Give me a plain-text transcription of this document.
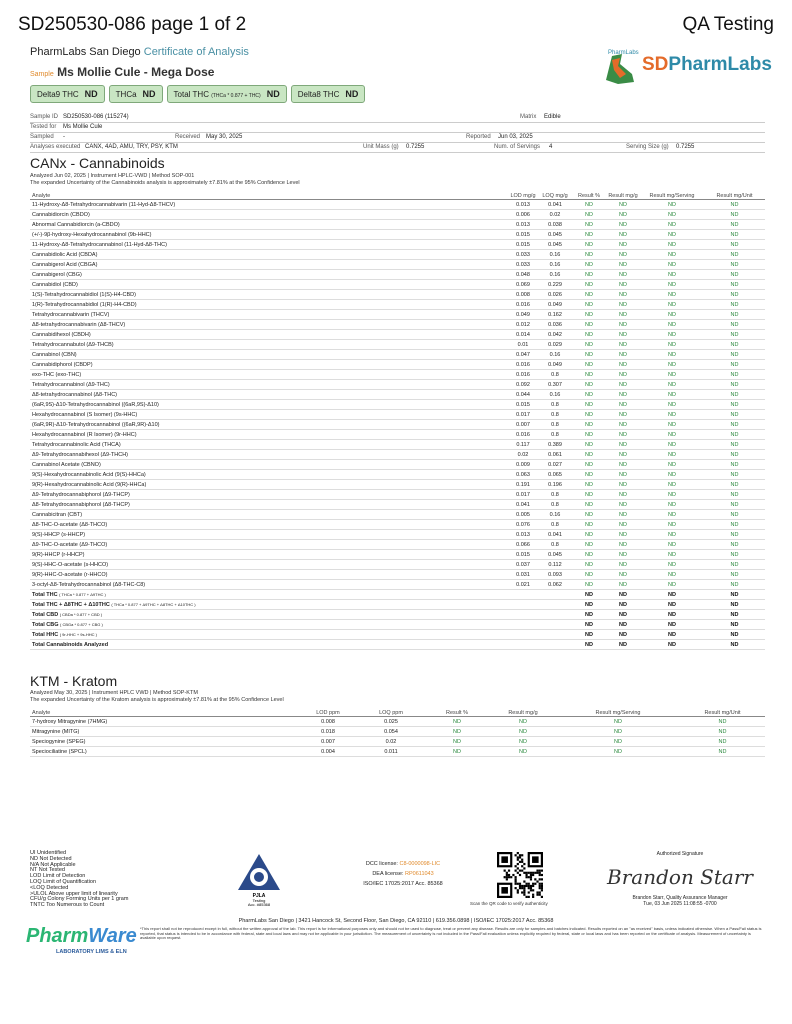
SD250530-086 page 1 of 2	QA Testing
PharmLabs San Diego Certificate of Analysis
Sample Ms Mollie Cule - Mega Dose
Delta9 THC ND	THCa ND	Total THC (THCa * 0.877 + THC) ND	Delta8 THC ND
PharmLabs
SDPharmLabs
Sample ID SD250530-086 (115274)	Matrix Edible
Tested for Ms Mollie Cule
Sampled -	Received May 30, 2025	Reported Jun 03, 2025
Analyses executed CANX, 4AD, AMU, TRY, PSY, KTM	Unit Mass (g) 0.7255	Num. of Servings 4	Serving Size (g) 0.7255
CANx - Cannabinoids
Analyzed Jun 02, 2025 | Instrument HPLC-VWD | Method SOP-001
The expanded Uncertainty of the Cannabinoids analysis is approximately ±7.81% at the 95% Confidence Level
Analyte	LOD mg/g	LOQ mg/g	Result %	Result mg/g	Result mg/Serving	Result mg/Unit
11-Hydroxy-Δ8-Tetrahydrocannabivarin (11-Hyd-Δ8-THCV)	0.013	0.041	ND	ND	ND	ND
Cannabidiorcin (CBDO)	0.006	0.02	ND	ND	ND	ND
Abnormal Cannabidiorcin (a-CBDO)	0.013	0.038	ND	ND	ND	ND
(+/-)-9β-hydroxy-Hexahydrocannabinol (9b-HHC)	0.015	0.045	ND	ND	ND	ND
11-Hydroxy-Δ8-Tetrahydrocannabinol (11-Hyd-Δ8-THC)	0.015	0.045	ND	ND	ND	ND
Cannabidiolic Acid (CBDA)	0.033	0.16	ND	ND	ND	ND
Cannabigerol Acid (CBGA)	0.033	0.16	ND	ND	ND	ND
Cannabigerol (CBG)	0.048	0.16	ND	ND	ND	ND
Cannabidiol (CBD)	0.069	0.229	ND	ND	ND	ND
1(S)-Tetrahydrocannabidiol (1(S)-H4-CBD)	0.008	0.026	ND	ND	ND	ND
1(R)-Tetrahydrocannabidiol (1(R)-H4-CBD)	0.016	0.049	ND	ND	ND	ND
Tetrahydrocannabivarin (THCV)	0.049	0.162	ND	ND	ND	ND
Δ8-tetrahydrocannabivarin (Δ8-THCV)	0.012	0.036	ND	ND	ND	ND
Cannabidihexol (CBDH)	0.014	0.042	ND	ND	ND	ND
Tetrahydrocannabutol (Δ9-THCB)	0.01	0.029	ND	ND	ND	ND
Cannabinol (CBN)	0.047	0.16	ND	ND	ND	ND
Cannabidiphorol (CBDP)	0.016	0.049	ND	ND	ND	ND
exo-THC (exo-THC)	0.016	0.8	ND	ND	ND	ND
Tetrahydrocannabinol (Δ9-THC)	0.092	0.307	ND	ND	ND	ND
Δ8-tetrahydrocannabinol (Δ8-THC)	0.044	0.16	ND	ND	ND	ND
(6aR,9S)-Δ10-Tetrahydrocannabinol ((6aR,9S)-Δ10)	0.015	0.8	ND	ND	ND	ND
Hexahydrocannabinol (S Isomer) (9s-HHC)	0.017	0.8	ND	ND	ND	ND
(6aR,9R)-Δ10-Tetrahydrocannabinol ((6aR,9R)-Δ10)	0.007	0.8	ND	ND	ND	ND
Hexahydrocannabinol (R Isomer) (9r-HHC)	0.016	0.8	ND	ND	ND	ND
Tetrahydrocannabinolic Acid (THCA)	0.117	0.389	ND	ND	ND	ND
Δ9-Tetrahydrocannabihexol (Δ9-THCH)	0.02	0.061	ND	ND	ND	ND
Cannabinol Acetate (CBNO)	0.009	0.027	ND	ND	ND	ND
9(S)-Hexahydrocannabinolic Acid (9(S)-HHCa)	0.063	0.065	ND	ND	ND	ND
9(R)-Hexahydrocannabinolic Acid (9(R)-HHCa)	0.191	0.196	ND	ND	ND	ND
Δ9-Tetrahydrocannabiphorol (Δ9-THCP)	0.017	0.8	ND	ND	ND	ND
Δ8-Tetrahydrocannabiphorol (Δ8-THCP)	0.041	0.8	ND	ND	ND	ND
Cannabicitran (CBT)	0.005	0.16	ND	ND	ND	ND
Δ8-THC-O-acetate (Δ8-THCO)	0.076	0.8	ND	ND	ND	ND
9(S)-HHCP (s-HHCP)	0.013	0.041	ND	ND	ND	ND
Δ9-THC-O-acetate (Δ9-THCO)	0.066	0.8	ND	ND	ND	ND
9(R)-HHCP (r-HHCP)	0.015	0.045	ND	ND	ND	ND
9(S)-HHC-O-acetate (s-HHCO)	0.037	0.112	ND	ND	ND	ND
9(R)-HHC-O-acetate (r-HHCO)	0.031	0.093	ND	ND	ND	ND
3-octyl-Δ8-Tetrahydrocannabinol (Δ8-THC-C8)	0.021	0.062	ND	ND	ND	ND
Total THC ( THCa * 0.877 + Δ9THC )			ND	ND	ND	ND
Total THC + Δ8THC + Δ10THC ( THCa * 0.877 + Δ9THC + Δ8THC + Δ10THC )			ND	ND	ND	ND
Total CBD ( CBDa * 0.877 + CBD )			ND	ND	ND	ND
Total CBG ( CBGa * 0.877 + CBG )			ND	ND	ND	ND
Total HHC ( 9r-HHC + 9s-HHC )			ND	ND	ND	ND
Total Cannabinoids Analyzed			ND	ND	ND	ND
KTM - Kratom
Analyzed May 30, 2025 | Instrument HPLC VWD | Method SOP-KTM
The expanded Uncertainty of the Kratom analysis is approximately ±7.81% at the 95% Confidence Level
Analyte	LOD ppm	LOQ ppm	Result %	Result mg/g	Result mg/Serving	Result mg/Unit
7-hydroxy Mitragynine (7HMG)	0.008	0.025	ND	ND	ND	ND
Mitragynine (MITG)	0.018	0.054	ND	ND	ND	ND
Speciogynine (SPEG)	0.007	0.02	ND	ND	ND	ND
Speciociliatine (SPCL)	0.004	0.011	ND	ND	ND	ND
UI Unidentified
ND Not Detected
N/A Not Applicable
NT Not Tested
LOD Limit of Detection
LOQ Limit of Quantification
<LOQ Detected
>ULOL Above upper limit of linearity
CFU/g Colony Forming Units per 1 gram
TNTC Too Numerous to Count
PJLA
Testing
Acc. #85368
DCC license: C8-0000098-LIC
DEA license: RP0611043
ISO/IEC 17025:2017 Acc. 85368
Scan the QR code to verify authenticity
Authorized Signature
Brandon Starr
Brandon Starr, Quality Assurance Manager
Tue, 03 Jun 2025 11:08:55 -0700
PharmLabs San Diego | 3421 Hancock St, Second Floor, San Diego, CA 92110 | 619.356.0898 | ISO/IEC 17025:2017 Acc. 85368
*This report shall not be reproduced except in full, without the written approval of the lab. This report is for informational purposes only and should not be used to diagnose, treat or prevent any disease. Results are only for samples and batches indicated. Results reported on an "as received" basis, unless indicated otherwise. When a Pass/Fail status is reported, that status is intended to be in accordance with federal, state and local laws and may not be applicable in your jurisdiction. The measurement of uncertainty is not included in the Pass/Fail evaluation unless explicitly required by federal, state or local laws and has been reported on the certificate of analysis. Measurement of uncertainty is available upon request.
PharmWare
LABORATORY LIMS & ELN
